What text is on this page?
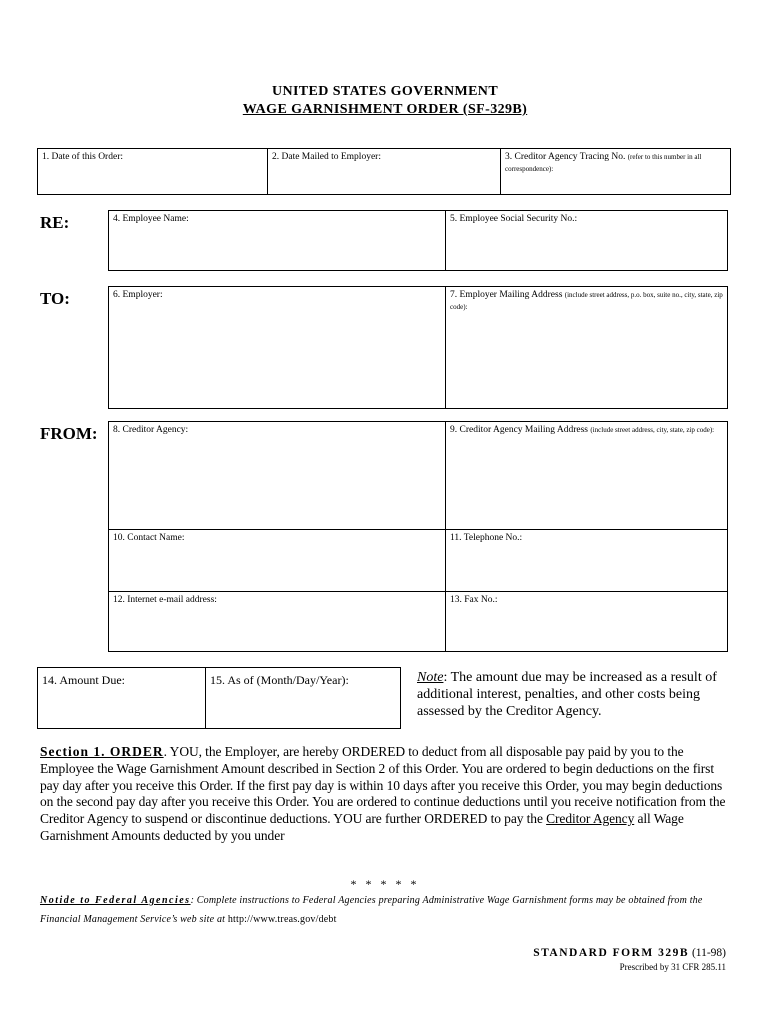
UNITED STATES GOVERNMENT
WAGE GARNISHMENT ORDER (SF-329B)
1. Date of this Order:	2. Date Mailed to Employer:	3. Creditor Agency Tracing No. (refer to this number in all correspondence):
RE:	4. Employee Name:	5. Employee Social Security No.:
TO:	6. Employer:	7. Employer Mailing Address (include street address, p.o. box, suite no., city, state, zip code):
FROM: 8. Creditor Agency:	9. Creditor Agency Mailing Address (include street address, city, state, zip code):
10. Contact Name:	11. Telephone No.:
12. Internet e-mail address:	13. Fax No.:
14. Amount Due:	15. As of (Month/Day/Year):	Note: The amount due may be increased as a result of additional interest, penalties, and other costs being assessed by the Creditor Agency.
Section 1. ORDER. YOU, the Employer, are hereby ORDERED to deduct from all disposable pay paid by you to the Employee the Wage Garnishment Amount described in Section 2 of this Order. You are ordered to begin deductions on the first pay day after you receive this Order. If the first pay day is within 10 days after you receive this Order, you may begin deductions on the second pay day after you receive this Order. You are ordered to continue deductions until you receive notification from the Creditor Agency to suspend or discontinue deductions. YOU are further ORDERED to pay the Creditor Agency all Wage Garnishment Amounts deducted by you under
* * * * *
Notide to Federal Agencies: Complete instructions to Federal Agencies preparing Administrative Wage Garnishment forms may be obtained from the Financial Management Service’s web site at http://www.treas.gov/debt
STANDARD FORM 329B (11-98)
Prescribed by 31 CFR 285.11
